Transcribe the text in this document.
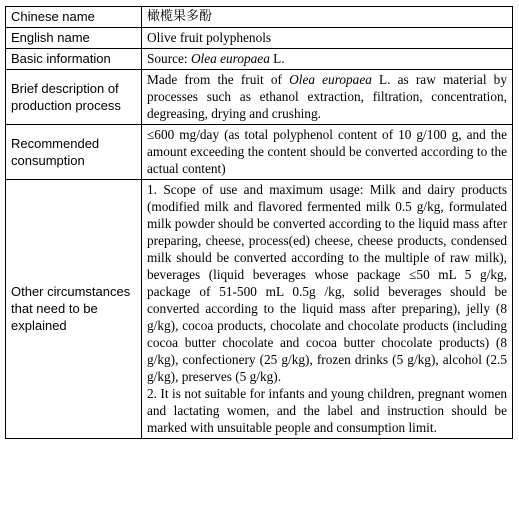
Chinese name	橄榄果多酚
English name	Olive fruit polyphenols
Basic information	Source: Olea europaea L.
Brief description of production process	Made from the fruit of Olea europaea L. as raw material by processes such as ethanol extraction, filtration, concentration, degreasing, drying and crushing.
Recommended consumption	≤600 mg/day (as total polyphenol content of 10 g/100 g, and the amount exceeding the content should be converted according to the actual content)
Other circumstances that need to be explained	1. Scope of use and maximum usage: Milk and dairy products (modified milk and flavored fermented milk 0.5 g/kg, formulated milk powder should be converted according to the liquid mass after preparing, cheese, process(ed) cheese, cheese products, condensed milk should be converted according to the multiple of raw milk), beverages (liquid beverages whose package ≤50 mL 5 g/kg, package of 51-500 mL 0.5g /kg, solid beverages should be converted according to the liquid mass after preparing), jelly (8 g/kg), cocoa products, chocolate and chocolate products (including cocoa butter chocolate and cocoa butter chocolate products) (8 g/kg), confectionery (25 g/kg), frozen drinks (5 g/kg), alcohol (2.5 g/kg), preserves (5 g/kg).
2. It is not suitable for infants and young children, pregnant women and lactating women, and the label and instruction should be marked with unsuitable people and consumption limit.
